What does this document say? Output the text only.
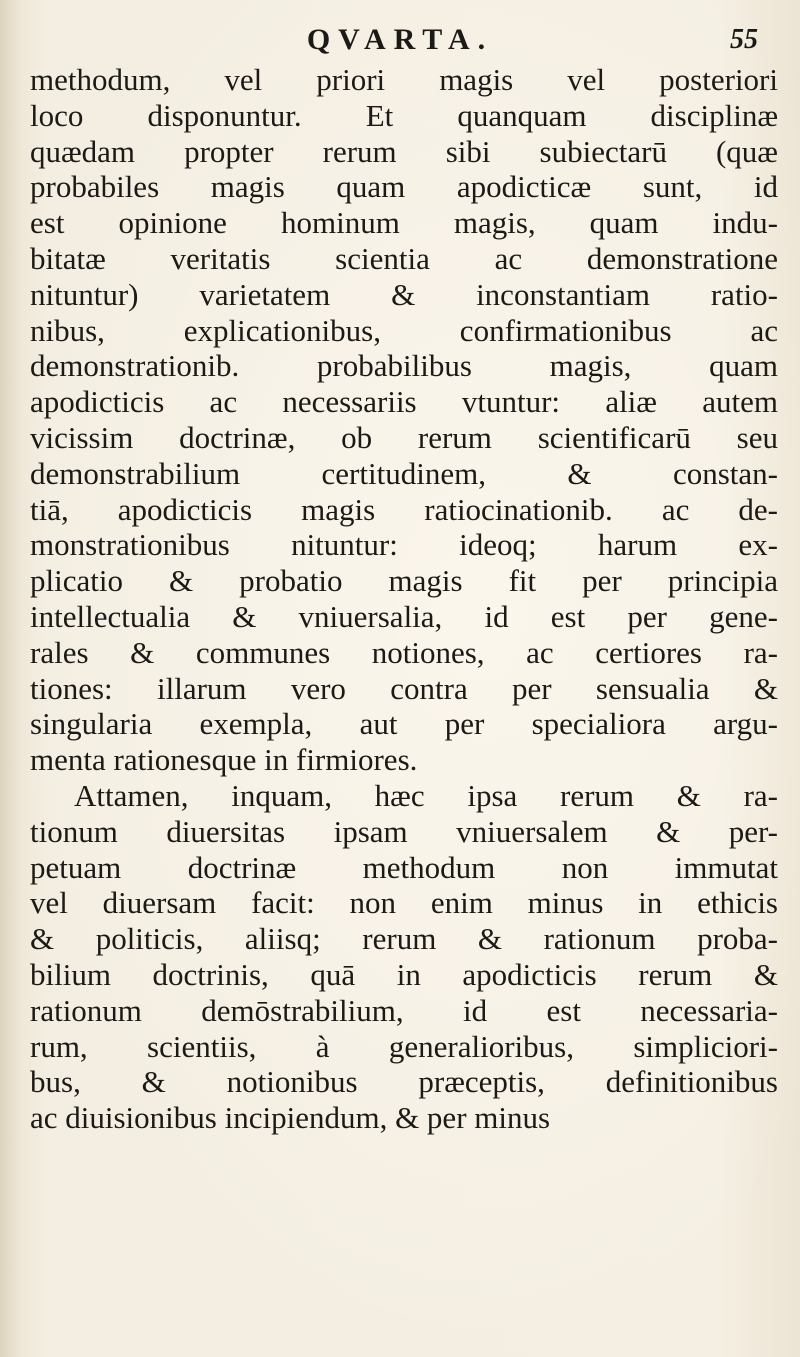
QVARTA.	55
methodum, vel priori magis vel posteriori
loco disponuntur. Et quanquam disciplinæ
quædam propter rerum sibi subiectarū (quæ
probabiles magis quam apodicticæ sunt, id
est opinione hominum magis, quam indu-
bitatæ veritatis scientia ac demonstratione
nituntur) varietatem & inconstantiam ratio-
nibus, explicationibus, confirmationibus ac
demonstrationib. probabilibus magis, quam
apodicticis ac necessariis vtuntur: aliæ autem
vicissim doctrinæ, ob rerum scientificarū seu
demonstrabilium certitudinem, & constan-
tiā, apodicticis magis ratiocinationib. ac de-
monstrationibus nituntur: ideoq; harum ex-
plicatio & probatio magis fit per principia
intellectualia & vniuersalia, id est per gene-
rales & communes notiones, ac certiores ra-
tiones: illarum vero contra per sensualia &
singularia exempla, aut per specialiora argu-
menta rationesque in firmiores.
Attamen, inquam, hæc ipsa rerum & ra-
tionum diuersitas ipsam vniuersalem & per-
petuam doctrinæ methodum non immutat
vel diuersam facit: non enim minus in ethicis
& politicis, aliisq; rerum & rationum proba-
bilium doctrinis, quā in apodicticis rerum &
rationum demōstrabilium, id est necessaria-
rum, scientiis, à generalioribus, simpliciori-
bus, & notionibus præceptis, definitionibus
ac diuisionibus incipiendum, & per minus
